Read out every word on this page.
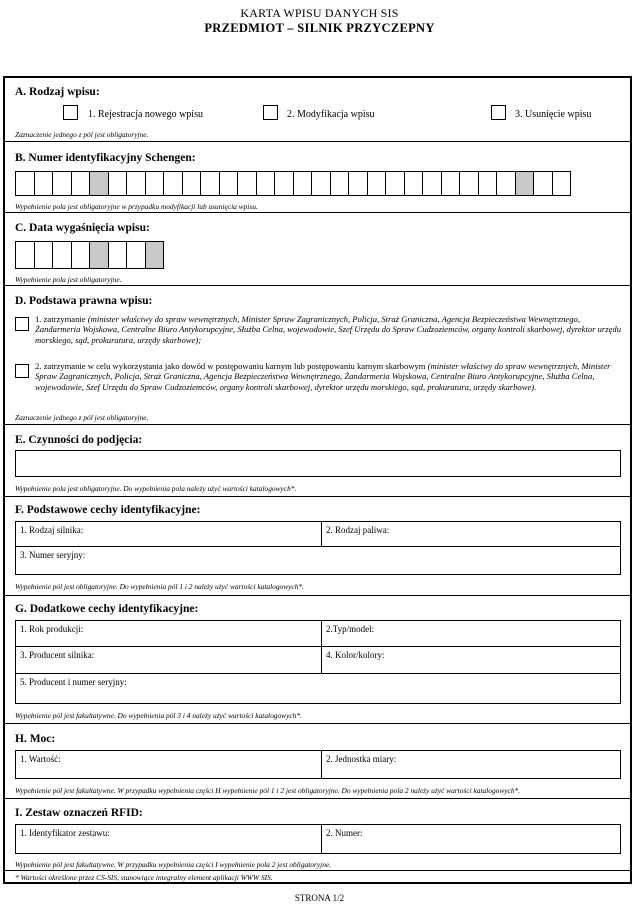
KARTA WPISU DANYCH SIS
PRZEDMIOT – SILNIK PRZYCZEPNY
A. Rodzaj wpisu:
1. Rejestracja nowego wpisu	2. Modyfikacja wpisu	3. Usunięcie wpisu
Zaznaczenie jednego z pól jest obligatoryjne.
B. Numer identyfikacyjny Schengen:
Wypełnienie pola jest obligatoryjne w przypadku modyfikacji lub usunięcia wpisu.
C. Data wygaśnięcia wpisu:
Wypełnienie pola jest obligatoryjne.
D. Podstawa prawna wpisu:
1. zatrzymanie (minister właściwy do spraw wewnętrznych, Minister Spraw Zagranicznych, Policja, Straż Graniczna, Agencja Bezpieczeństwa Wewnętrznego, Żandarmeria Wojskowa, Centralne Biuro Antykorupcyjne, Służba Celna, wojewodowie, Szef Urzędu do Spraw Cudzoziemców, organy kontroli skarbowej, dyrektor urzędu morskiego, sąd, prokuratura, urzędy skarbowe);
2. zatrzymanie w celu wykorzystania jako dowód w postępowaniu karnym lub postępowaniu karnym skarbowym (minister właściwy do spraw wewnętrznych, Minister Spraw Zagranicznych, Policja, Straż Graniczna, Agencja Bezpieczeństwa Wewnętrznego, Żandarmeria Wojskowa, Centralne Biuro Antykorupcyjne, Służba Celna, wojewodowie, Szef Urzędu do Spraw Cudzoziemców, organy kontroli skarbowej, dyrektor urzędu morskiego, sąd, prokuratura, urzędy skarbowe).
Zaznaczenie jednego z pól jest obligatoryjne.
E. Czynności do podjęcia:
Wypełnienie pola jest obligatoryjne. Do wypełnienia pola należy użyć wartości katalogowych*.
F. Podstawowe cechy identyfikacyjne:
1. Rodzaj silnika:	2. Rodzaj paliwa:
3. Numer seryjny:
Wypełnienie pól jest obligatoryjne. Do wypełnienia pól 1 i 2 należy użyć wartości katalogowych*.
G. Dodatkowe cechy identyfikacyjne:
1. Rok produkcji:	2.Typ/model:
3. Producent silnika:	4. Kolor/kolory:
5. Producent i numer seryjny:
Wypełnienie pól jest fakultatywne. Do wypełnienia pól 3 i 4 należy użyć wartości katalogowych*.
H. Moc:
1. Wartość:	2. Jednostka miary:
Wypełnienie pól jest fakultatywne. W przypadku wypełnienia części H wypełnienie pól 1 i 2 jest obligatoryjne. Do wypełnienia pola 2 należy użyć wartości katalogowych*.
I. Zestaw oznaczeń RFID:
1. Identyfikator zestawu:	2. Numer:
Wypełnienie pól jest fakultatywne. W przypadku wypełnienia części I wypełnienie pola 2 jest obligatoryjne.
* Wartości określone przez CS-SIS, stanowiące integralny element aplikacji WWW SIS.
STRONA 1/2
